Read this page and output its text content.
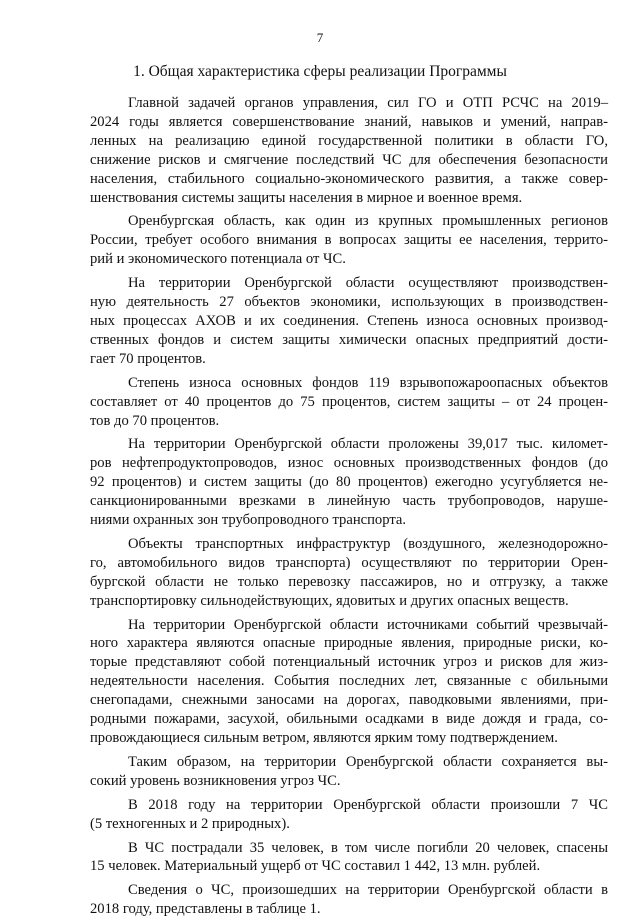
7
1. Общая характеристика сферы реализации Программы

Главной задачей органов управления, сил ГО и ОТП РСЧС на 2019–
2024 годы является совершенствование знаний, навыков и умений, направ-
ленных на реализацию единой государственной политики в области ГО,
снижение рисков и смягчение последствий ЧС для обеспечения безопасности
населения, стабильного социально-экономического развития, а также совер-
шенствования системы защиты населения в мирное и военное время.

Оренбургская область, как один из крупных промышленных регионов
России, требует особого внимания в вопросах защиты ее населения, террито-
рий и экономического потенциала от ЧС.

На территории Оренбургской области осуществляют производствен-
ную деятельность 27 объектов экономики, использующих в производствен-
ных процессах АХОВ и их соединения. Степень износа основных производ-
ственных фондов и систем защиты химически опасных предприятий дости-
гает 70 процентов.

Степень износа основных фондов 119 взрывопожароопасных объектов
составляет от 40 процентов до 75 процентов, систем защиты – от 24 процен-
тов до 70 процентов.

На территории Оренбургской области проложены 39,017 тыс. километ-
ров нефтепродуктопроводов, износ основных производственных фондов (до
92 процентов) и систем защиты (до 80 процентов) ежегодно усугубляется не-
санкционированными врезками в линейную часть трубопроводов, наруше-
ниями охранных зон трубопроводного транспорта.

Объекты транспортных инфраструктур (воздушного, железнодорожно-
го, автомобильного видов транспорта) осуществляют по территории Орен-
бургской области не только перевозку пассажиров, но и отгрузку, а также
транспортировку сильнодействующих, ядовитых и других опасных веществ.

На территории Оренбургской области источниками событий чрезвычай-
ного характера являются опасные природные явления, природные риски, ко-
торые представляют собой потенциальный источник угроз и рисков для жиз-
недеятельности населения. События последних лет, связанные с обильными
снегопадами, снежными заносами на дорогах, паводковыми явлениями, при-
родными пожарами, засухой, обильными осадками в виде дождя и града, со-
провождающиеся сильным ветром, являются ярким тому подтверждением.

Таким образом, на территории Оренбургской области сохраняется вы-
сокий уровень возникновения угроз ЧС.

В 2018 году на территории Оренбургской области произошли 7 ЧС
(5 техногенных и 2 природных).

В ЧС пострадали 35 человек, в том числе погибли 20 человек, спасены
15 человек. Материальный ущерб от ЧС составил 1 442, 13 млн. рублей.

Сведения о ЧС, произошедших на территории Оренбургской области в
2018 году, представлены в таблице 1.
